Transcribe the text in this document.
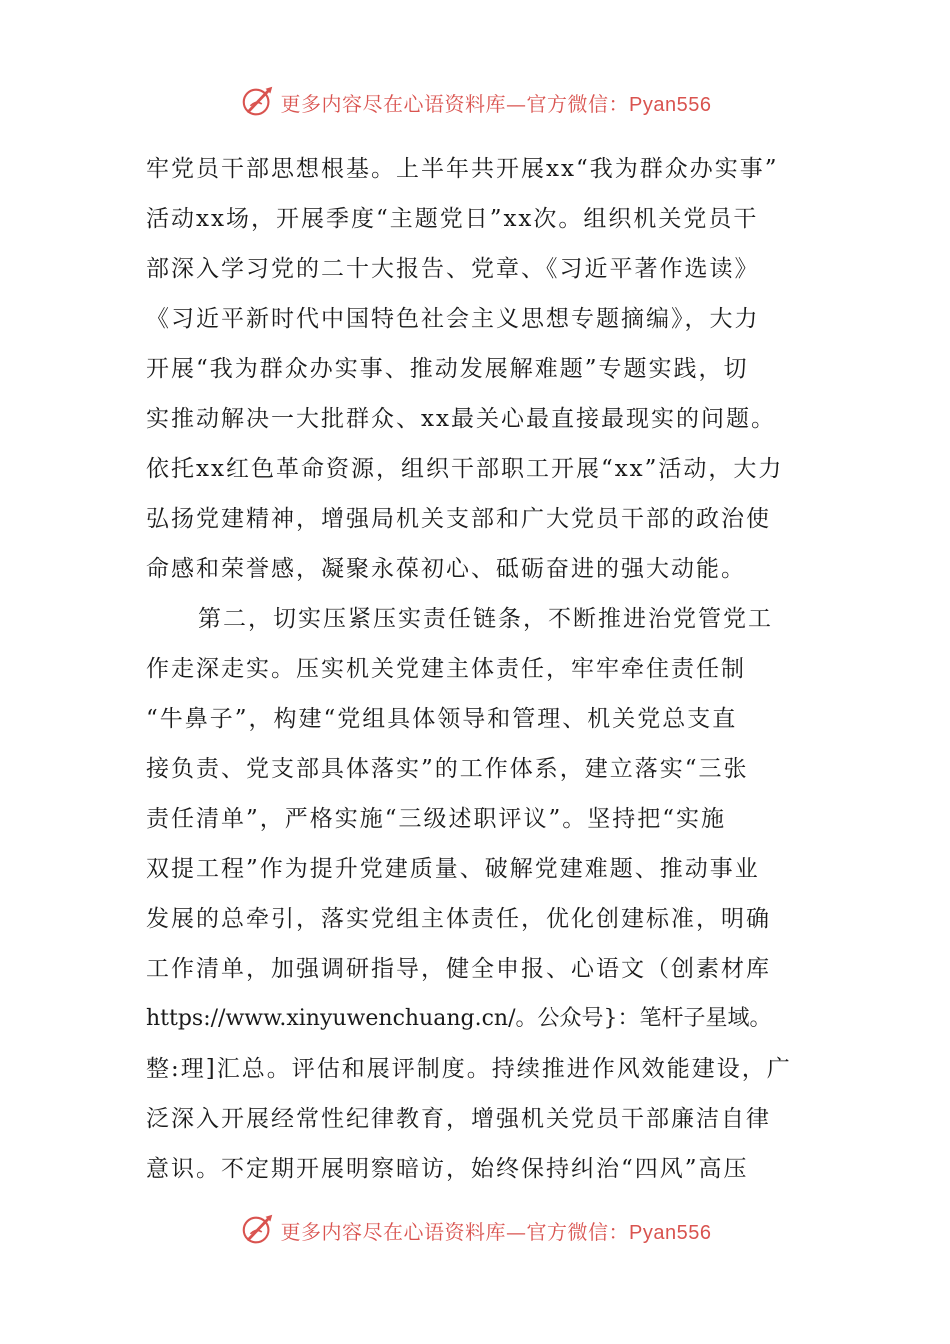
更多内容尽在心语资料库—官方微信：Pyan556
牢党员干部思想根基。上半年共开展xx“我为群众办实事”
活动xx场，开展季度“主题党日”xx次。组织机关党员干
部深入学习党的二十大报告、党章、《习近平著作选读》
《习近平新时代中国特色社会主义思想专题摘编》，大力
开展“我为群众办实事、推动发展解难题”专题实践，切
实推动解决一大批群众、xx最关心最直接最现实的问题。
依托xx红色革命资源，组织干部职工开展“xx”活动，大力
弘扬党建精神，增强局机关支部和广大党员干部的政治使
命感和荣誉感，凝聚永葆初心、砥砺奋进的强大动能。
第二，切实压紧压实责任链条，不断推进治党管党工
作走深走实。压实机关党建主体责任，牢牢牵住责任制
“牛鼻子”，构建“党组具体领导和管理、机关党总支直
接负责、党支部具体落实”的工作体系，建立落实“三张
责任清单”，严格实施“三级述职评议”。坚持把“实施
双提工程”作为提升党建质量、破解党建难题、推动事业
发展的总牵引，落实党组主体责任，优化创建标准，明确
工作清单，加强调研指导，健全申报、心语文（创素材库
https://www.xinyuwenchuang.cn/。公众号}：笔杆子星域。
整:理]汇总。评估和展评制度。持续推进作风效能建设，广
泛深入开展经常性纪律教育，增强机关党员干部廉洁自律
意识。不定期开展明察暗访，始终保持纠治“四风”高压
更多内容尽在心语资料库—官方微信：Pyan556
